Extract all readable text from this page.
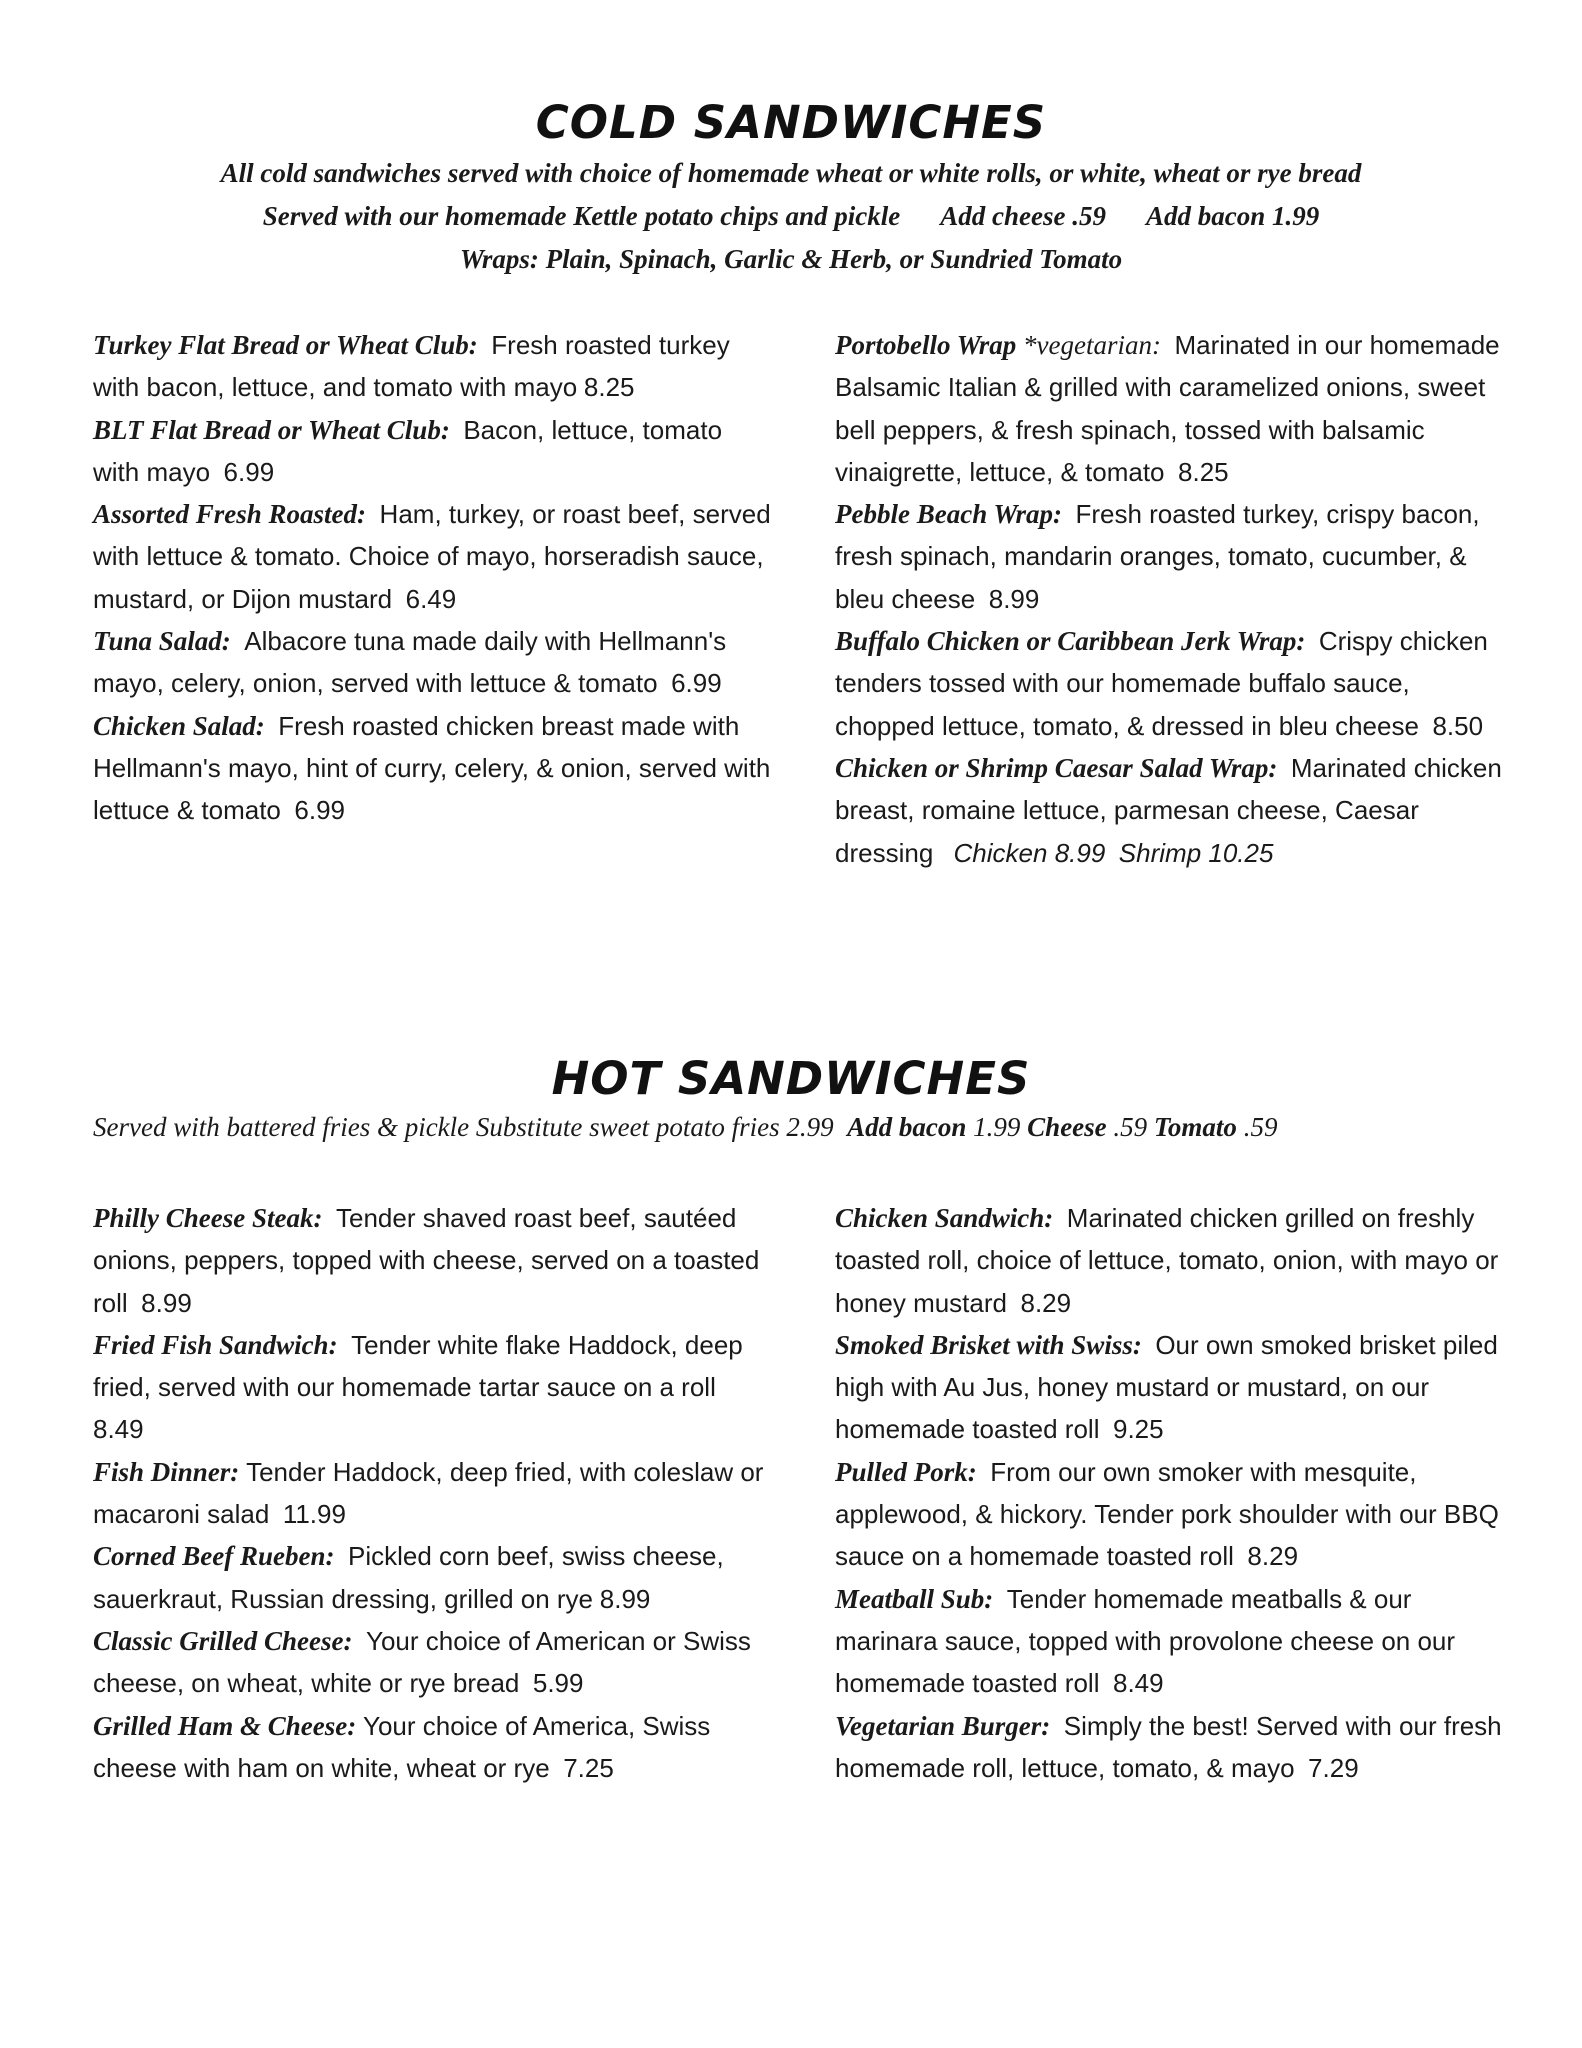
COLD SANDWICHES
All cold sandwiches served with choice of homemade wheat or white rolls, or white, wheat or rye bread
Served with our homemade Kettle potato chips and pickle Add cheese .59 Add bacon 1.99
Wraps: Plain, Spinach, Garlic & Herb, or Sundried Tomato

Turkey Flat Bread or Wheat Club: Fresh roasted turkey with bacon, lettuce, and tomato with mayo 8.25

BLT Flat Bread or Wheat Club: Bacon, lettuce, tomato with mayo 6.99

Assorted Fresh Roasted: Ham, turkey, or roast beef, served with lettuce & tomato. Choice of mayo, horseradish sauce, mustard, or Dijon mustard 6.49

Tuna Salad: Albacore tuna made daily with Hellmann's mayo, celery, onion, served with lettuce & tomato 6.99

Chicken Salad: Fresh roasted chicken breast made with Hellmann's mayo, hint of curry, celery, & onion, served with lettuce & tomato 6.99

Portobello Wrap *vegetarian: Marinated in our homemade Balsamic Italian & grilled with caramelized onions, sweet bell peppers, & fresh spinach, tossed with balsamic vinaigrette, lettuce, & tomato 8.25

Pebble Beach Wrap: Fresh roasted turkey, crispy bacon, fresh spinach, mandarin oranges, tomato, cucumber, & bleu cheese 8.99

Buffalo Chicken or Caribbean Jerk Wrap: Crispy chicken tenders tossed with our homemade buffalo sauce, chopped lettuce, tomato, & dressed in bleu cheese 8.50

Chicken or Shrimp Caesar Salad Wrap: Marinated chicken breast, romaine lettuce, parmesan cheese, Caesar dressing Chicken 8.99 Shrimp 10.25

HOT SANDWICHES
Served with battered fries & pickle Substitute sweet potato fries 2.99 Add bacon 1.99 Cheese .59 Tomato .59

Philly Cheese Steak: Tender shaved roast beef, sautéed onions, peppers, topped with cheese, served on a toasted roll 8.99

Fried Fish Sandwich: Tender white flake Haddock, deep fried, served with our homemade tartar sauce on a roll  8.49

Fish Dinner: Tender Haddock, deep fried, with coleslaw or macaroni salad 11.99

Corned Beef Rueben: Pickled corn beef, swiss cheese, sauerkraut, Russian dressing, grilled on rye 8.99

Classic Grilled Cheese: Your choice of American or Swiss cheese, on wheat, white or rye bread 5.99

Grilled Ham & Cheese: Your choice of America, Swiss cheese with ham on white, wheat or rye 7.25

Chicken Sandwich: Marinated chicken grilled on freshly toasted roll, choice of lettuce, tomato, onion, with mayo or honey mustard 8.29

Smoked Brisket with Swiss: Our own smoked brisket piled high with Au Jus, honey mustard or mustard, on our homemade toasted roll 9.25

Pulled Pork: From our own smoker with mesquite, applewood, & hickory. Tender pork shoulder with our BBQ sauce on a homemade toasted roll 8.29

Meatball Sub: Tender homemade meatballs & our marinara sauce, topped with provolone cheese on our homemade toasted roll 8.49

Vegetarian Burger: Simply the best! Served with our fresh homemade roll, lettuce, tomato, & mayo 7.29
